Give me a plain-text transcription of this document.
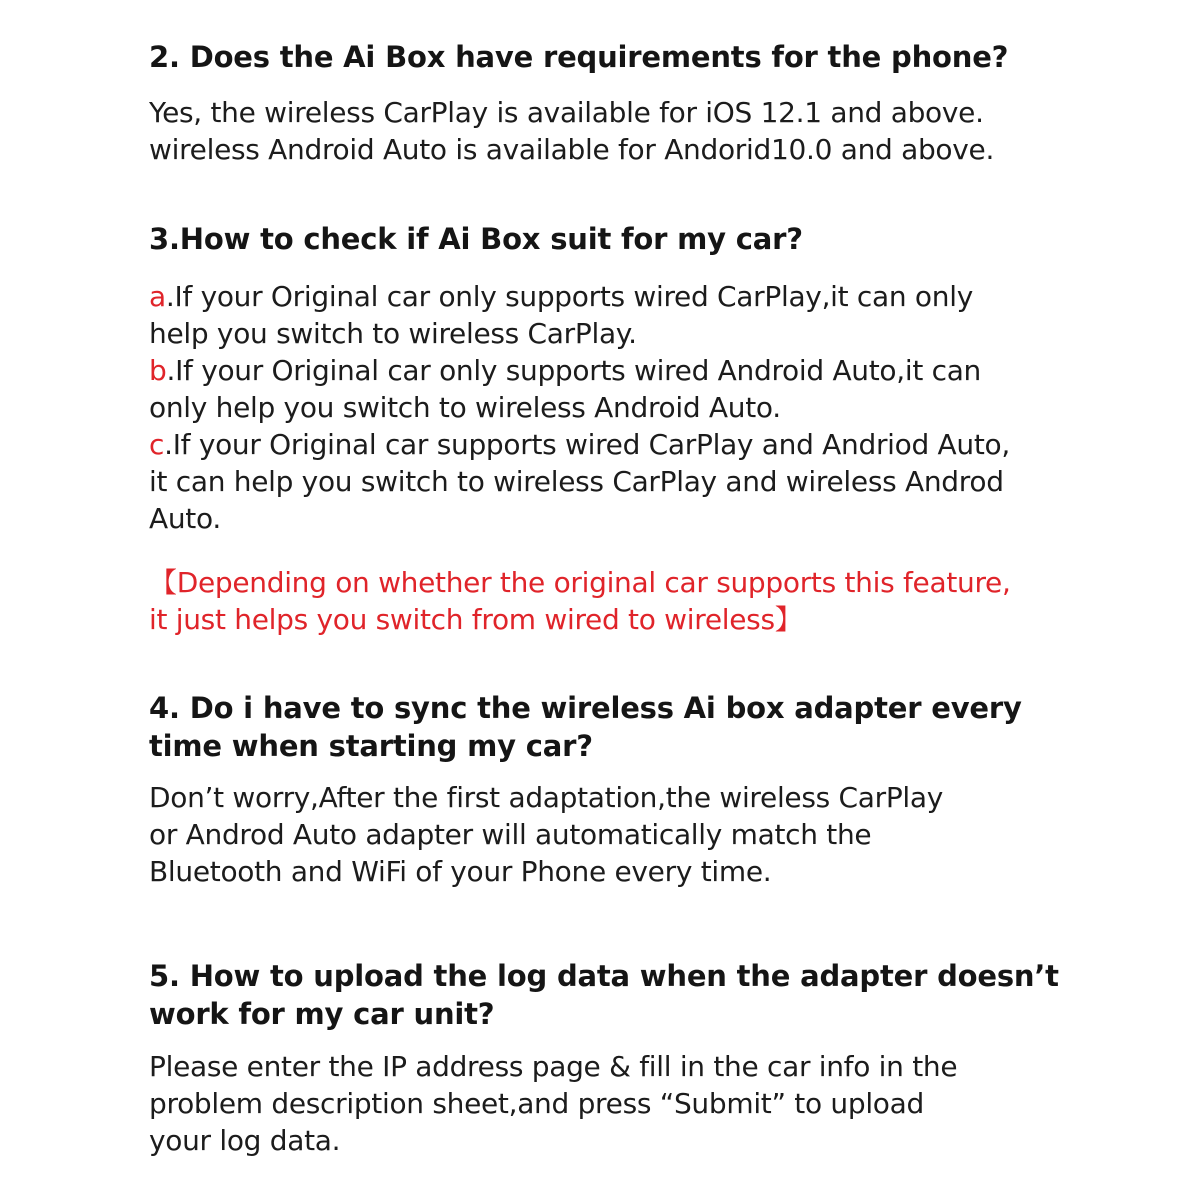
2. Does the Ai Box have requirements for the phone?

Yes, the wireless CarPlay is available for iOS 12.1 and above.
wireless Android Auto is available for Andorid10.0 and above.

3.How to check if Ai Box suit for my car?

a.If your Original car only supports wired CarPlay,it can only
help you switch to wireless CarPlay.
b.If your Original car only supports wired Android Auto,it can
only help you switch to wireless Android Auto.
c.If your Original car supports wired CarPlay and Andriod Auto,
it can help you switch to wireless CarPlay and wireless Androd
Auto.

【Depending on whether the original car supports this feature,
it just helps you switch from wired to wireless】

4. Do i have to sync the wireless Ai box adapter every
time when starting my car?

Don’t worry,After the first adaptation,the wireless CarPlay
or Androd Auto adapter will automatically match the
Bluetooth and WiFi of your Phone every time.

5. How to upload the log data when the adapter doesn’t
work for my car unit?

Please enter the IP address page & fill in the car info in the
problem description sheet,and press “Submit” to upload
your log data.
